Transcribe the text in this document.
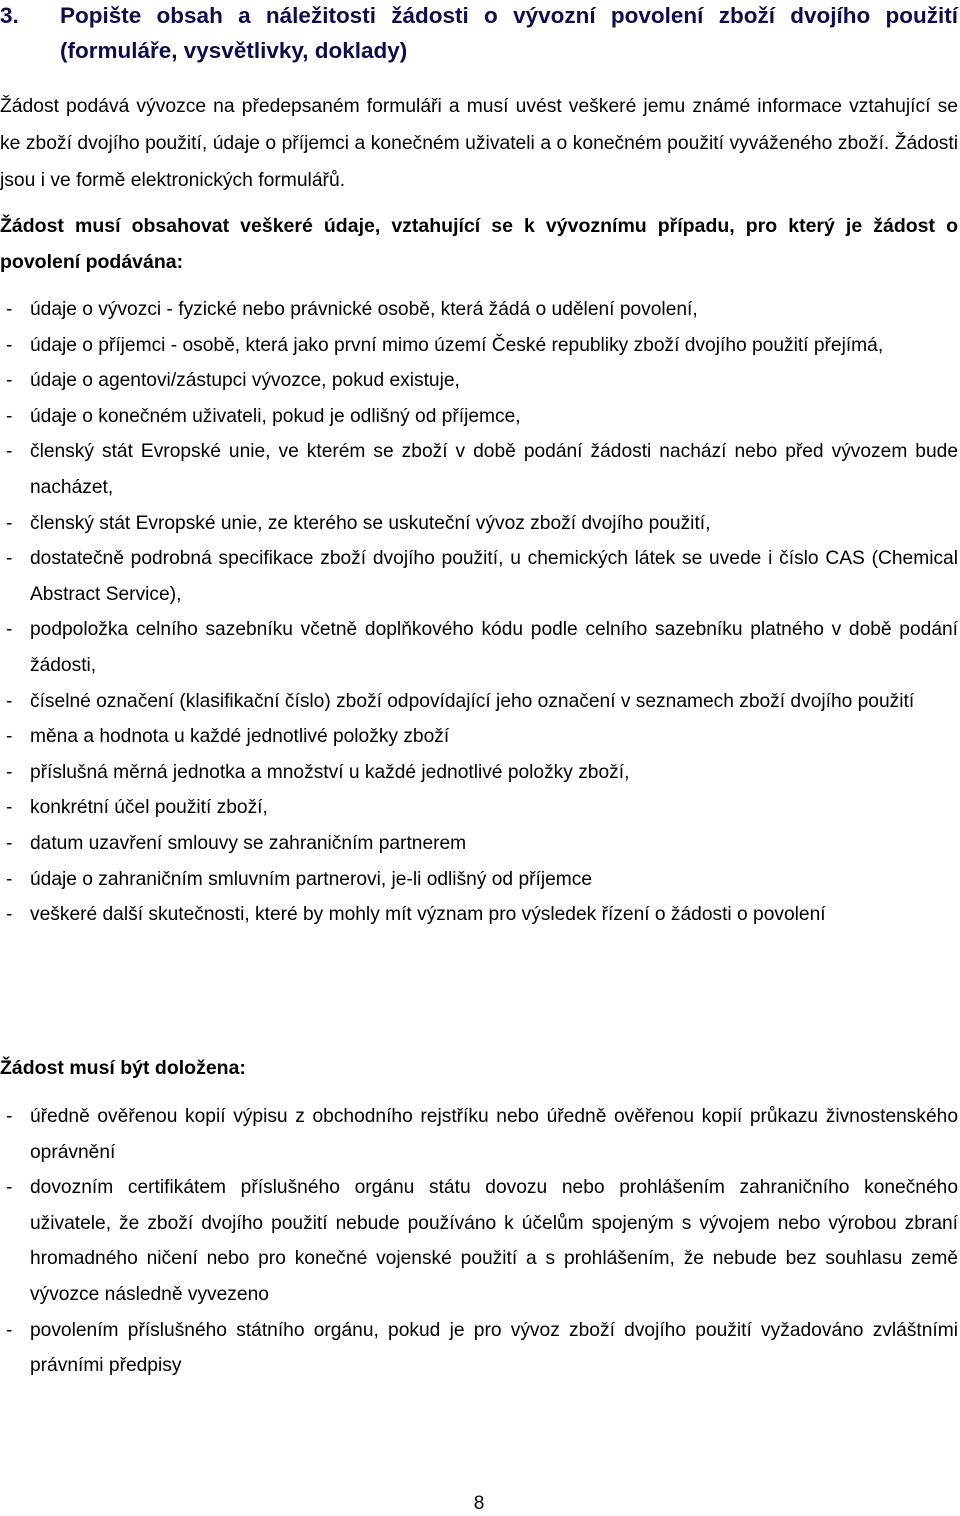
3.	Popište obsah a náležitosti žádosti o vývozní povolení zboží dvojího použití (formuláře, vysvětlivky, doklady)

Žádost podává vývozce na předepsaném formuláři a musí uvést veškeré jemu známé informace vztahující se ke zboží dvojího použití, údaje o příjemci a konečném uživateli a o konečném použití vyváženého zboží. Žádosti jsou i ve formě elektronických formulářů.

Žádost musí obsahovat veškeré údaje, vztahující se k vývoznímu případu, pro který je žádost o povolení podávána:
- údaje o vývozci - fyzické nebo právnické osobě, která žádá o udělení povolení,
- údaje o příjemci - osobě, která jako první mimo území České republiky zboží dvojího použití přejímá,
- údaje o agentovi/zástupci vývozce, pokud existuje,
- údaje o konečném uživateli, pokud je odlišný od příjemce,
- členský stát Evropské unie, ve kterém se zboží v době podání žádosti nachází nebo před vývozem bude nacházet,
- členský stát Evropské unie, ze kterého se uskuteční vývoz zboží dvojího použití,
- dostatečně podrobná specifikace zboží dvojího použití, u chemických látek se uvede i číslo CAS (Chemical Abstract Service),
- podpoložka celního sazebníku včetně doplňkového kódu podle celního sazebníku platného v době podání žádosti,
- číselné označení (klasifikační číslo) zboží odpovídající jeho označení v seznamech zboží dvojího použití
- měna a hodnota u každé jednotlivé položky zboží
- příslušná měrná jednotka a množství u každé jednotlivé položky zboží,
- konkrétní účel použití zboží,
- datum uzavření smlouvy se zahraničním partnerem
- údaje o zahraničním smluvním partnerovi, je-li odlišný od příjemce
- veškeré další skutečnosti, které by mohly mít význam pro výsledek řízení o žádosti o povolení
Žádost musí být doložena:
- úředně ověřenou kopií výpisu z obchodního rejstříku nebo úředně ověřenou kopií průkazu živnostenského oprávnění
- dovozním certifikátem příslušného orgánu státu dovozu nebo prohlášením zahraničního konečného uživatele, že zboží dvojího použití nebude používáno k účelům spojeným s vývojem nebo výrobou zbraní hromadného ničení nebo pro konečné vojenské použití a s prohlášením, že nebude bez souhlasu země vývozce následně vyvezeno
- povolením příslušného státního orgánu, pokud je pro vývoz zboží dvojího použití vyžadováno zvláštními právními předpisy
8
